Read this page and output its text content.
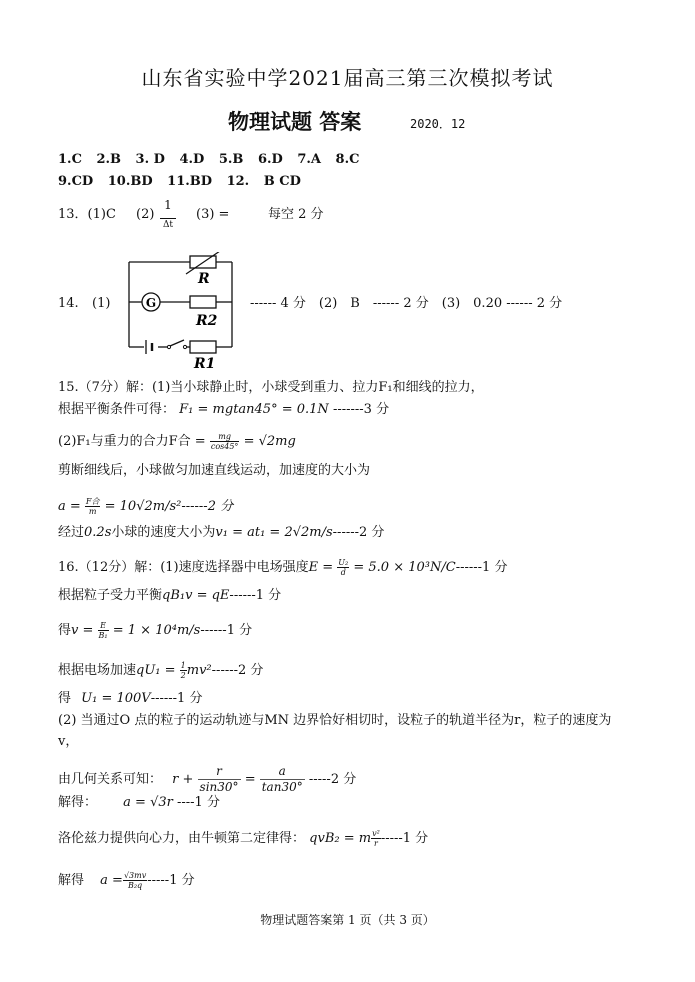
山东省实验中学2021届高三第三次模拟考试
物理试题 答案	2020．12
1.C 2.B 3. D 4.D 5.B 6.D 7.A 8.C
9.CD 10.BD 11.BD 12. B CD
13．(1)C (2)
1
Δt
(3) =	每空 2 分
14. (1)	G
R
R2
R1
------ 4 分　(2)　B　------ 2 分　(3)　0.20 ------ 2 分
15.（7分）解：(1)当小球静止时，小球受到重力、拉力F₁和细线的拉力，
根据平衡条件可得： F₁ = mgtan45° = 0.1N -------3 分
(2)F₁与重力的合力F合 = $\frac{mg}{\cos 45^\circ} = √2mg$
剪断细线后，小球做匀加速直线运动，加速度的大小为
$a = \frac{\text{F合}}{m} = 10√2m/s^2------2$ 分
经过0.2s小球的速度大小为v₁ = at₁ = 2√2m/s------2 分
16.（12分）解：(1)速度选择器中电场强度$E = \frac{\text{U₂}}{d} = 5.0 \times 10^3N/C------1$ 分
根据粒子受力平衡qB₁v = qE------1 分
得$v = \frac{E}{\text{B₁}} = 1 \times 10^4m/s------1$ 分
根据电场加速$qU_1 = \frac{1}{2} mv^2------2$ 分
得 U₁ = 100V------1 分
(2) 当通过O 点的粒子的运动轨迹与MN 边界恰好相切时，设粒子的轨道半径为r，粒子的速度为
v，
由几何关系可知： $r + \frac{r}{\sin 30^\circ} = \frac{a}{\tan 30^\circ} -----2$ 分
解得： a = √3r ----1 分
洛伦兹力提供向心力，由牛顿第二定律得： qvB₂ = m $\frac{\text{v²}}{r} -----1$ 分
解得 $a = \frac{√3mv}{\text{B₂q}} -----1$ 分
物理试题答案第 1 页（共 3 页）
